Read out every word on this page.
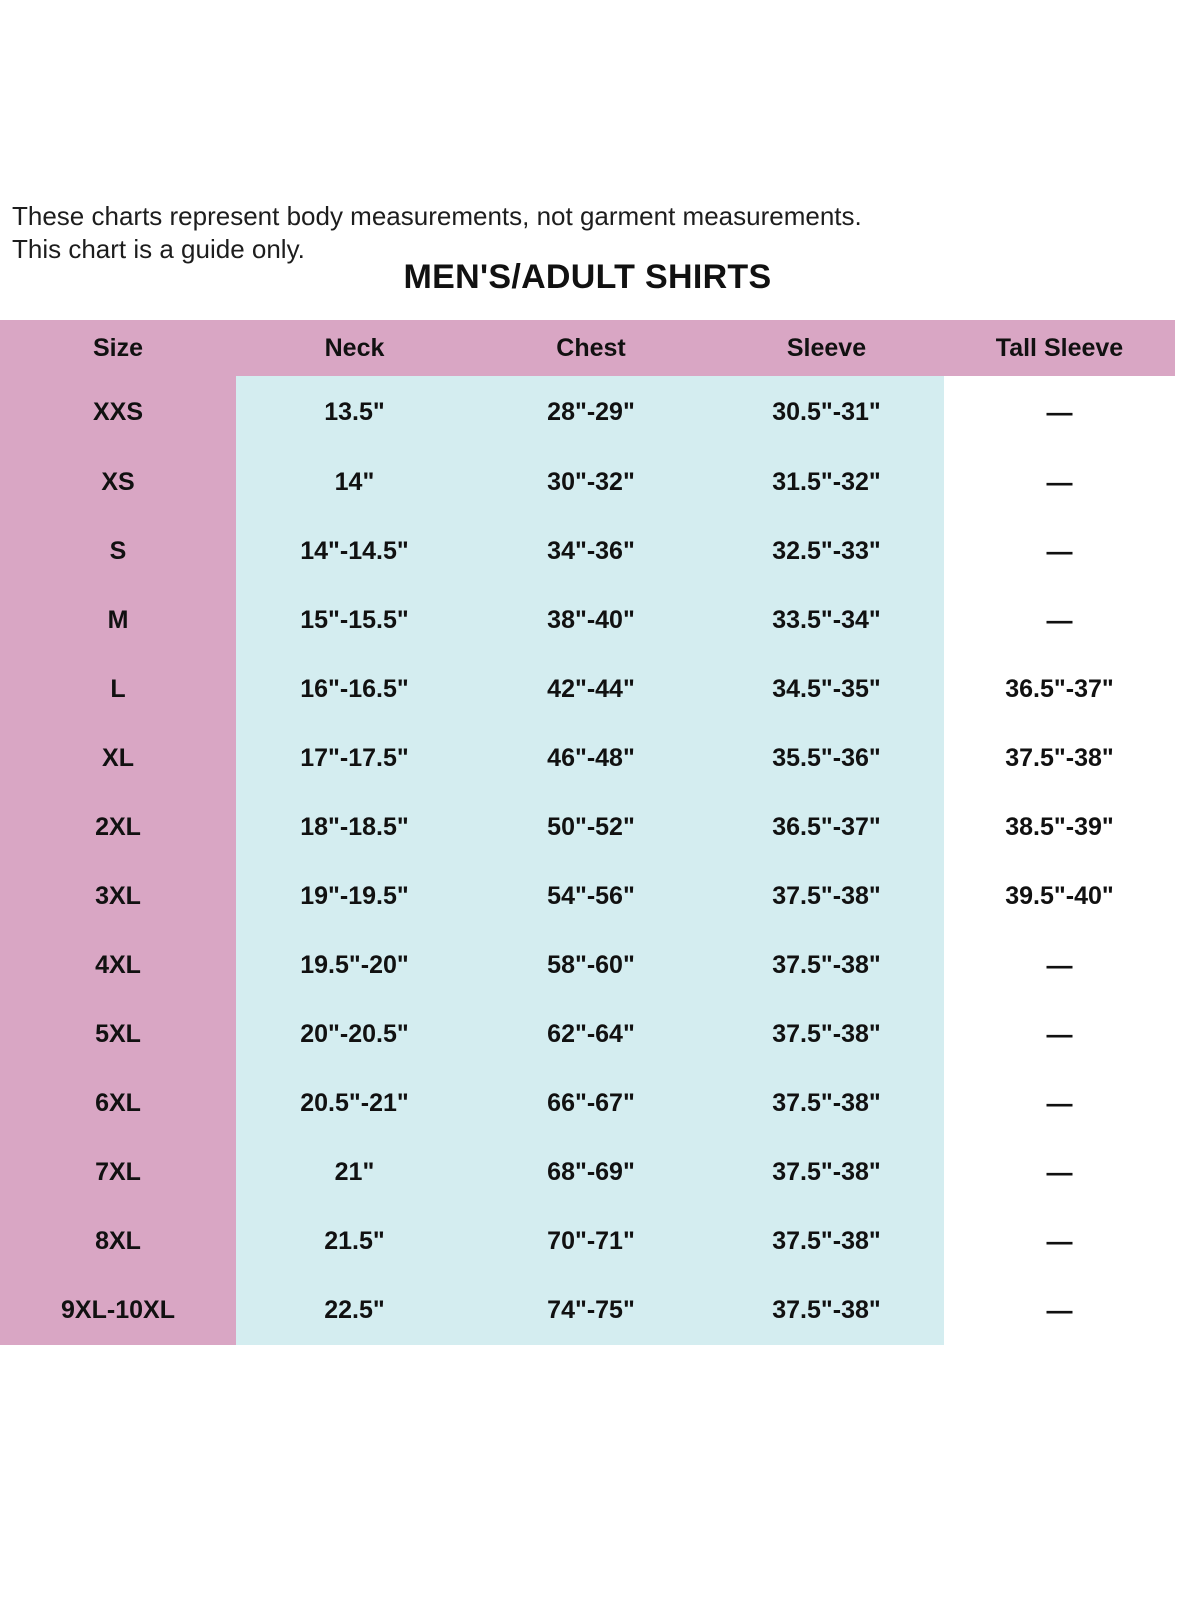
These charts represent body measurements, not garment measurements.
This chart is a guide only.
MEN'S/ADULT SHIRTS
Size	Neck	Chest	Sleeve	Tall Sleeve
XXS	13.5"	28"-29"	30.5"-31"	—
XS	14"	30"-32"	31.5"-32"	—
S	14"-14.5"	34"-36"	32.5"-33"	—
M	15"-15.5"	38"-40"	33.5"-34"	—
L	16"-16.5"	42"-44"	34.5"-35"	36.5"-37"
XL	17"-17.5"	46"-48"	35.5"-36"	37.5"-38"
2XL	18"-18.5"	50"-52"	36.5"-37"	38.5"-39"
3XL	19"-19.5"	54"-56"	37.5"-38"	39.5"-40"
4XL	19.5"-20"	58"-60"	37.5"-38"	—
5XL	20"-20.5"	62"-64"	37.5"-38"	—
6XL	20.5"-21"	66"-67"	37.5"-38"	—
7XL	21"	68"-69"	37.5"-38"	—
8XL	21.5"	70"-71"	37.5"-38"	—
9XL-10XL	22.5"	74"-75"	37.5"-38"	—
